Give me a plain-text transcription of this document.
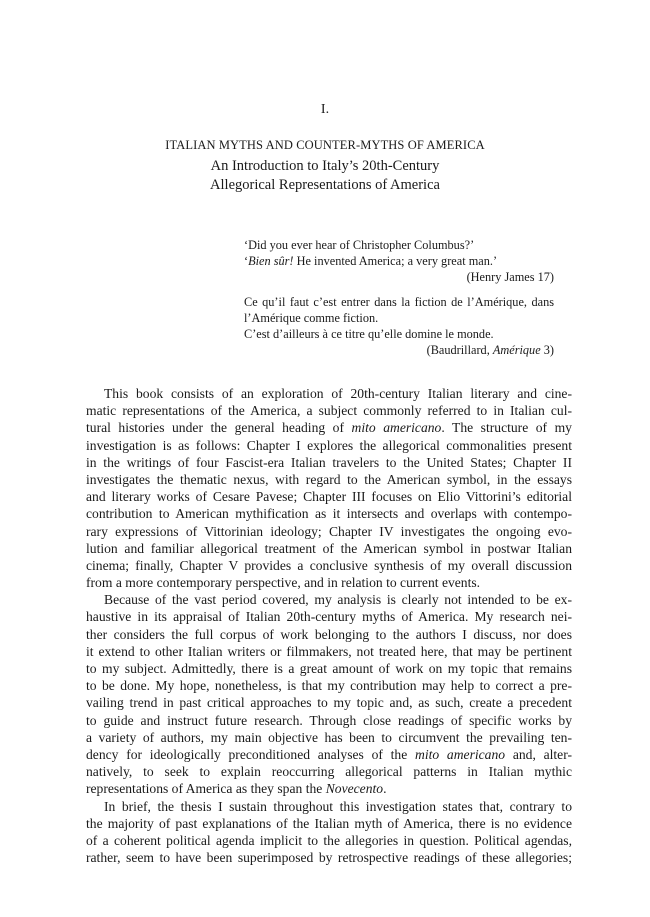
I.
ITALIAN MYTHS AND COUNTER-MYTHS OF AMERICA
An Introduction to Italy’s 20th-Century
Allegorical Representations of America
‘Did you ever hear of Christopher Columbus?’
‘Bien sûr! He invented America; a very great man.’
(Henry James 17)
Ce qu’il faut c’est entrer dans la fiction de l’Amérique, dans
l’Amérique comme fiction.
C’est d’ailleurs à ce titre qu’elle domine le monde.
(Baudrillard, Amérique 3)
This book consists of an exploration of 20th-century Italian literary and cine-
matic representations of the America, a subject commonly referred to in Italian cul-
tural histories under the general heading of mito americano. The structure of my
investigation is as follows: Chapter I explores the allegorical commonalities present
in the writings of four Fascist-era Italian travelers to the United States; Chapter II
investigates the thematic nexus, with regard to the American symbol, in the essays
and literary works of Cesare Pavese; Chapter III focuses on Elio Vittorini’s editorial
contribution to American mythification as it intersects and overlaps with contempo-
rary expressions of Vittorinian ideology; Chapter IV investigates the ongoing evo-
lution and familiar allegorical treatment of the American symbol in postwar Italian
cinema; finally, Chapter V provides a conclusive synthesis of my overall discussion
from a more contemporary perspective, and in relation to current events.
Because of the vast period covered, my analysis is clearly not intended to be ex-
haustive in its appraisal of Italian 20th-century myths of America. My research nei-
ther considers the full corpus of work belonging to the authors I discuss, nor does
it extend to other Italian writers or filmmakers, not treated here, that may be pertinent
to my subject. Admittedly, there is a great amount of work on my topic that remains
to be done. My hope, nonetheless, is that my contribution may help to correct a pre-
vailing trend in past critical approaches to my topic and, as such, create a precedent
to guide and instruct future research. Through close readings of specific works by
a variety of authors, my main objective has been to circumvent the prevailing ten-
dency for ideologically preconditioned analyses of the mito americano and, alter-
natively, to seek to explain reoccurring allegorical patterns in Italian mythic
representations of America as they span the Novecento.
In brief, the thesis I sustain throughout this investigation states that, contrary to
the majority of past explanations of the Italian myth of America, there is no evidence
of a coherent political agenda implicit to the allegories in question. Political agendas,
rather, seem to have been superimposed by retrospective readings of these allegories;
